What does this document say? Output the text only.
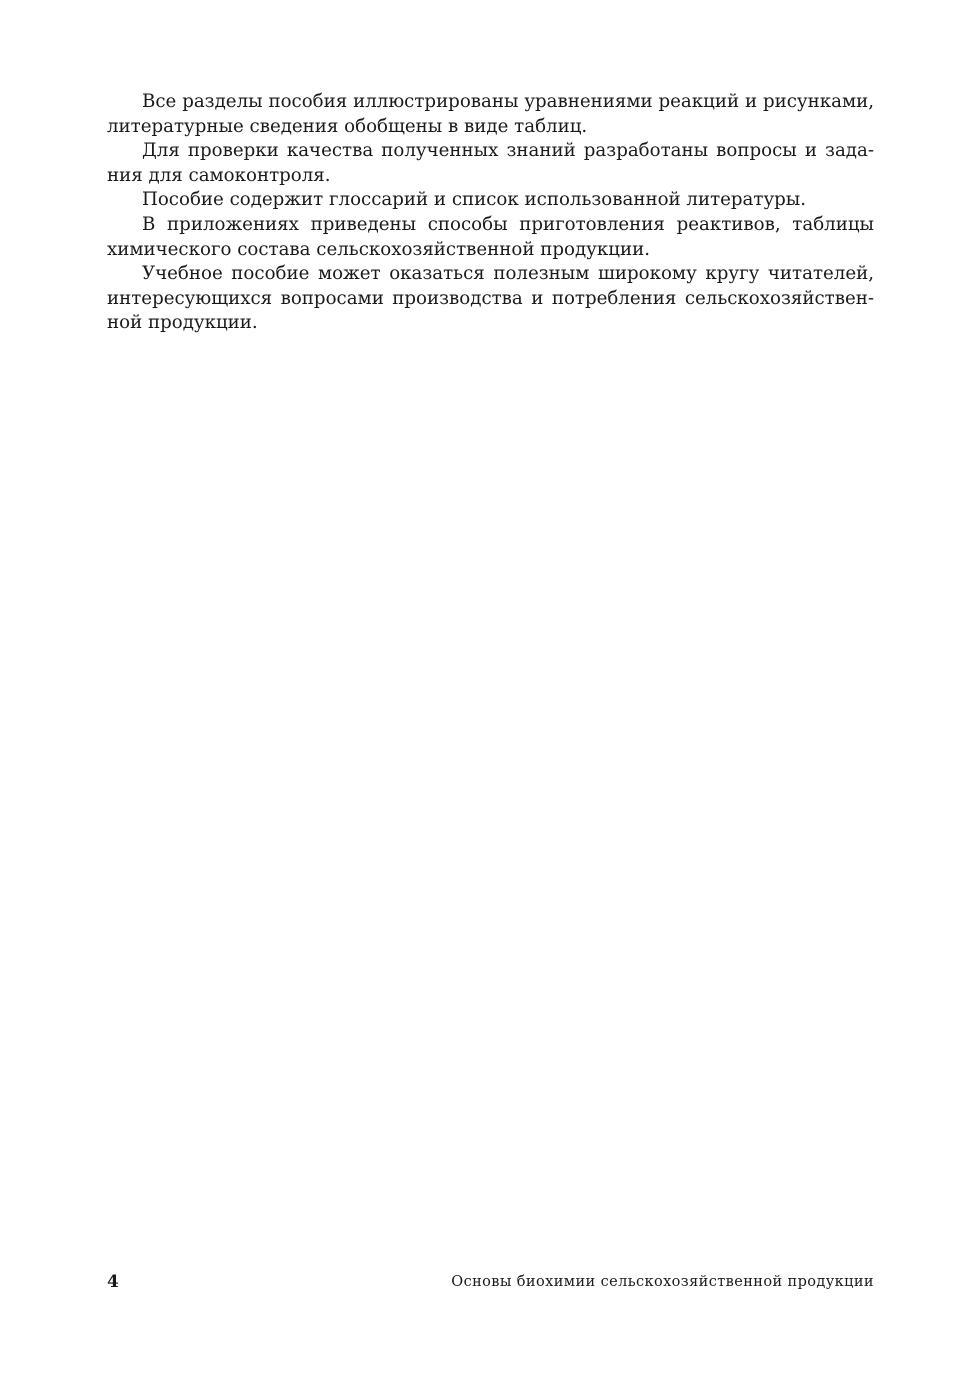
Все разделы пособия иллюстрированы уравнениями реакций и рисунками,
литературные сведения обобщены в виде таблиц.
Для проверки качества полученных знаний разработаны вопросы и зада-
ния для самоконтроля.
Пособие содержит глоссарий и список использованной литературы.
В приложениях приведены способы приготовления реактивов, таблицы
химического состава сельскохозяйственной продукции.
Учебное пособие может оказаться полезным широкому кругу читателей,
интересующихся вопросами производства и потребления сельскохозяйствен-
ной продукции.
4	Основы биохимии сельскохозяйственной продукции
